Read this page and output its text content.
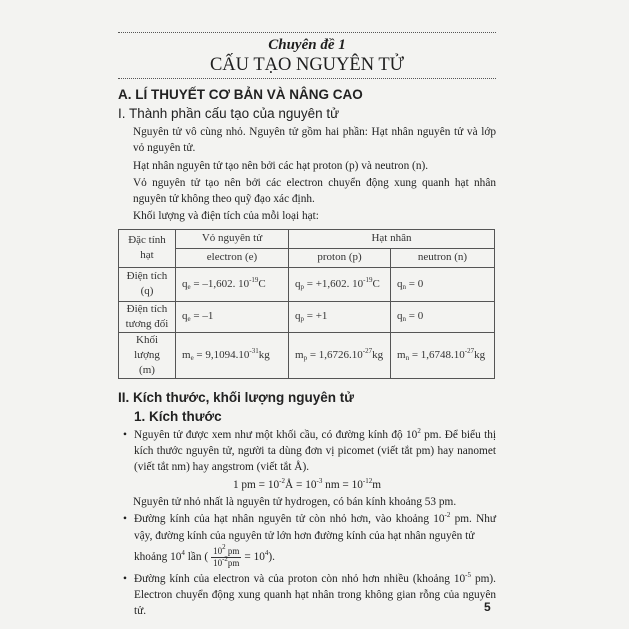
Chuyên đề 1
CẤU TẠO NGUYÊN TỬ
A. LÍ THUYẾT CƠ BẢN VÀ NÂNG CAO
I. Thành phần cấu tạo của nguyên tử
Nguyên tử vô cùng nhỏ. Nguyên tử gồm hai phần: Hạt nhân nguyên tử và lớp vỏ nguyên tử.
Hạt nhân nguyên tử tạo nên bởi các hạt proton (p) và neutron (n).
Vỏ nguyên tử tạo nên bởi các electron chuyển động xung quanh hạt nhân nguyên tử không theo quỹ đạo xác định.
Khối lượng và điện tích của mỗi loại hạt:
Đặc tính hạt	Vỏ nguyên tử	Hạt nhân	
	electron (e)	proton (p)	neutron (n)
Điện tích (q)	$q_e = -1,602$. $10^{-19}C$	$q_p = +1,602$. $10^{-19}C$	$q_n = 0$
Điện tích tương đối	$q_e = -1$	$q_p = +1$	$q_n = 0$
Khối lượng (m)	$m_e = 9,1094.10^{-31}kg$	$m_p = 1,6726.10^{-27}kg$	$m_n = 1,6748.10^{-27}kg$
II. Kích thước, khối lượng nguyên tử
1. Kích thước
• Nguyên tử được xem như một khối cầu, có đường kính độ $10^2$ pm. Để biểu thị kích thước nguyên tử, người ta dùng đơn vị picomet (viết tắt pm) hay nanomet (viết tắt nm) hay angstrom (viết tắt Å).
1 pm = $10^{-2}Å = 10^{-3}$ nm = $10^{-12}m$
Nguyên tử nhỏ nhất là nguyên tử hydrogen, có bán kính khoảng 53 pm.
• Đường kính của hạt nhân nguyên tử còn nhỏ hơn, vào khoảng $10^{-2}$ pm. Như vậy, đường kính của nguyên tử lớn hơn đường kính của hạt nhân nguyên tử
khoảng $10^4$ lần ( $\frac{10^2 pm}{10^{-2}pm} = 10^4$).
• Đường kính của electron và của proton còn nhỏ hơn nhiều (khoảng $10^{-5}$ pm). Electron chuyển động xung quanh hạt nhân trong không gian rỗng của nguyên tử.	5
